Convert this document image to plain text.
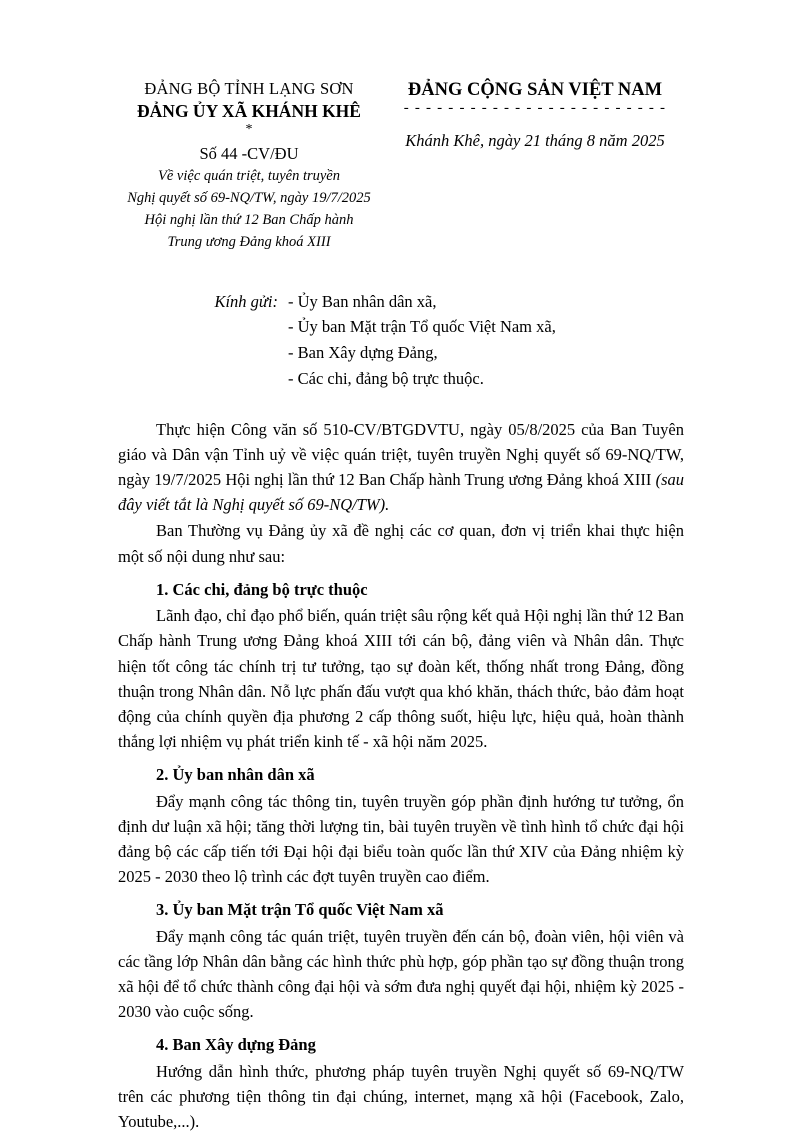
ĐẢNG BỘ TỈNH LẠNG SƠN
ĐẢNG ỦY XÃ KHÁNH KHÊ
*
Số 44 -CV/ĐU
Về việc quán triệt, tuyên truyền
Nghị quyết số 69-NQ/TW, ngày 19/7/2025
Hội nghị lần thứ 12 Ban Chấp hành
Trung ương Đảng khoá XIII
ĐẢNG CỘNG SẢN VIỆT NAM
- - - - - - - - - - - - - - - - - - - - - - - -
Khánh Khê, ngày 21 tháng 8 năm 2025
Kính gửi: - Ủy Ban nhân dân xã,
- Ủy ban Mặt trận Tổ quốc Việt Nam xã,
- Ban Xây dựng Đảng,
- Các chi, đảng bộ trực thuộc.

Thực hiện Công văn số 510-CV/BTGDVTU, ngày 05/8/2025 của Ban Tuyên giáo và Dân vận Tỉnh uỷ về việc quán triệt, tuyên truyền Nghị quyết số 69-NQ/TW, ngày 19/7/2025 Hội nghị lần thứ 12 Ban Chấp hành Trung ương Đảng khoá XIII (sau đây viết tắt là Nghị quyết số 69-NQ/TW).

Ban Thường vụ Đảng ủy xã đề nghị các cơ quan, đơn vị triển khai thực hiện một số nội dung như sau:

1. Các chi, đảng bộ trực thuộc

Lãnh đạo, chỉ đạo phổ biến, quán triệt sâu rộng kết quả Hội nghị lần thứ 12 Ban Chấp hành Trung ương Đảng khoá XIII tới cán bộ, đảng viên và Nhân dân. Thực hiện tốt công tác chính trị tư tưởng, tạo sự đoàn kết, thống nhất trong Đảng, đồng thuận trong Nhân dân. Nỗ lực phấn đấu vượt qua khó khăn, thách thức, bảo đảm hoạt động của chính quyền địa phương 2 cấp thông suốt, hiệu lực, hiệu quả, hoàn thành thắng lợi nhiệm vụ phát triển kinh tế - xã hội năm 2025.

2. Ủy ban nhân dân xã

Đẩy mạnh công tác thông tin, tuyên truyền góp phần định hướng tư tưởng, ổn định dư luận xã hội; tăng thời lượng tin, bài tuyên truyền về tình hình tổ chức đại hội đảng bộ các cấp tiến tới Đại hội đại biểu toàn quốc lần thứ XIV của Đảng nhiệm kỳ 2025 - 2030 theo lộ trình các đợt tuyên truyền cao điểm.

3. Ủy ban Mặt trận Tổ quốc Việt Nam xã

Đẩy mạnh công tác quán triệt, tuyên truyền đến cán bộ, đoàn viên, hội viên và các tầng lớp Nhân dân bằng các hình thức phù hợp, góp phần tạo sự đồng thuận trong xã hội để tổ chức thành công đại hội và sớm đưa nghị quyết đại hội, nhiệm kỳ 2025 - 2030 vào cuộc sống.

4. Ban Xây dựng Đảng

Hướng dẫn hình thức, phương pháp tuyên truyền Nghị quyết số 69-NQ/TW trên các phương tiện thông tin đại chúng, internet, mạng xã hội (Facebook, Zalo, Youtube,...).
